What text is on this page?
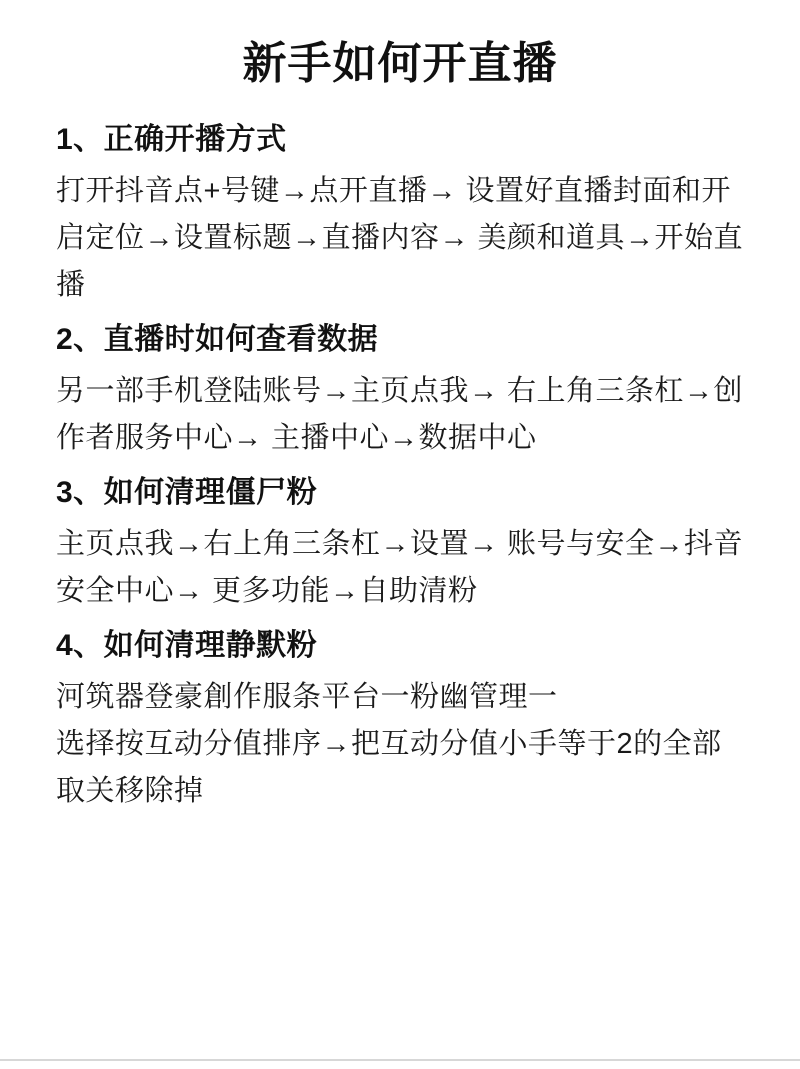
新手如何开直播
1、正确开播方式

打开抖音点+号键→点开直播→ 设置好直播封面和开启定位→设置标题→直播内容→ 美颜和道具→开始直播

2、直播时如何查看数据

另一部手机登陆账号→主页点我→ 右上角三条杠→创作者服务中心→ 主播中心→数据中心

3、如何清理僵尸粉

主页点我→右上角三条杠→设置→ 账号与安全→抖音安全中心→ 更多功能→自助清粉

4、如何清理静默粉

河筑器登豪創作服条平台一粉幽管理一

选择按互动分值排序→把互动分值小手等于2的全部取关移除掉
